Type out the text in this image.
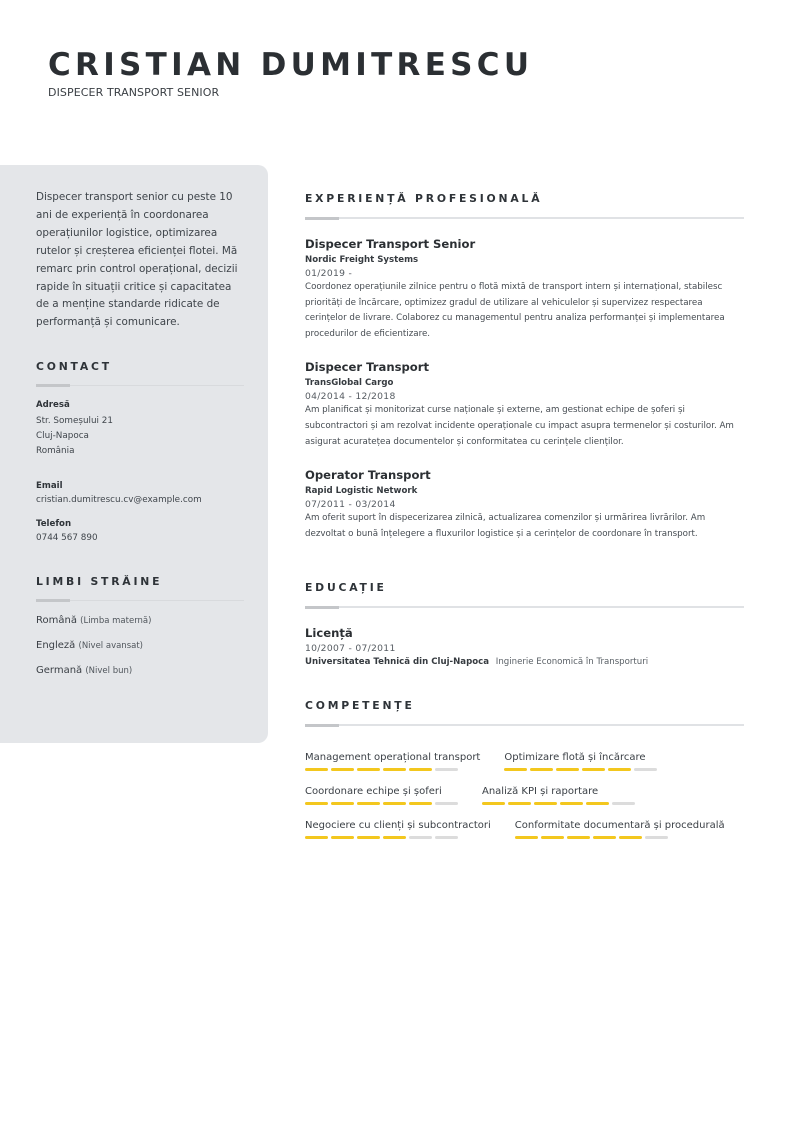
CRISTIAN DUMITRESCU
DISPECER TRANSPORT SENIOR
Dispecer transport senior cu peste 10 ani de experiență în coordonarea operațiunilor logistice, optimizarea rutelor și creșterea eficienței flotei. Mă remarc prin control operațional, decizii rapide în situații critice și capacitatea de a menține standarde ridicate de performanță și comunicare.
CONTACT
Adresă
Str. Someșului 21
Cluj-Napoca
România
Email
cristian.dumitrescu.cv@example.com
Telefon
0744 567 890
LIMBI STRĂINE
Română (Limba maternă)
Engleză (Nivel avansat)
Germană (Nivel bun)
EXPERIENȚĂ PROFESIONALĂ
Dispecer Transport Senior
Nordic Freight Systems
01/2019 -
Coordonez operațiunile zilnice pentru o flotă mixtă de transport intern și internațional, stabilesc priorități de încărcare, optimizez gradul de utilizare al vehiculelor și supervizez respectarea cerințelor de livrare. Colaborez cu managementul pentru analiza performanței și implementarea procedurilor de eficientizare.
Dispecer Transport
TransGlobal Cargo
04/2014 - 12/2018
Am planificat și monitorizat curse naționale și externe, am gestionat echipe de șoferi și subcontractori și am rezolvat incidente operaționale cu impact asupra termenelor și costurilor. Am asigurat acuratețea documentelor și conformitatea cu cerințele clienților.
Operator Transport
Rapid Logistic Network
07/2011 - 03/2014
Am oferit suport în dispecerizarea zilnică, actualizarea comenzilor și urmărirea livrărilor. Am dezvoltat o bună înțelegere a fluxurilor logistice și a cerințelor de coordonare în transport.
EDUCAȚIE
Licență
10/2007 - 07/2011
Universitatea Tehnică din Cluj-Napoca Inginerie Economică în Transporturi
COMPETENȚE
Management operațional transport Optimizare flotă și încărcare
Coordonare echipe și șoferi	Analiză KPI și raportare
Negociere cu clienți și subcontractori Conformitate documentară și procedurală
